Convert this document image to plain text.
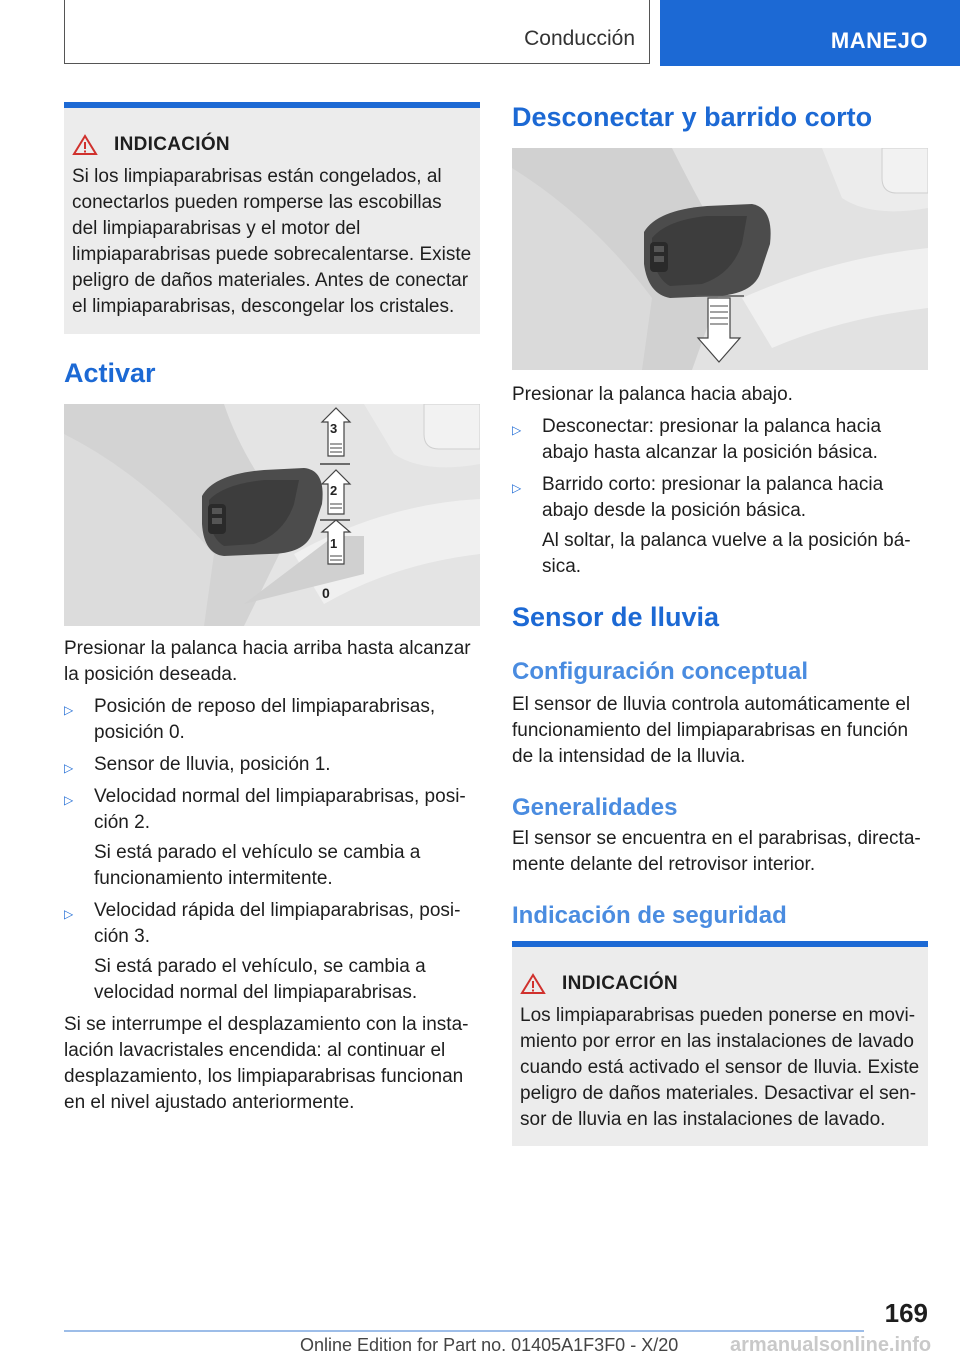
Conducción	MANEJO
INDICACIÓN
Si los limpiaparabrisas están congelados, al conectarlos pueden romperse las escobillas del limpiaparabrisas y el motor del limpiaparabrisas puede sobrecalentarse. Existe peligro de daños materiales. Antes de conectar el limpiaparabrisas, descongelar los cristales.
Activar
3
2
1
0

Presionar la palanca hacia arriba hasta alcanzar la posición deseada.

▷	Posición de reposo del limpiaparabrisas, posición 0.
▷	Sensor de lluvia, posición 1.
▷	Velocidad normal del limpiaparabrisas, posición 2.
Si está parado el vehículo se cambia a funcionamiento intermitente.
▷	Velocidad rápida del limpiaparabrisas, posición 3.
Si está parado el vehículo, se cambia a velocidad normal del limpiaparabrisas.

Si se interrumpe el desplazamiento con la instalación lavacristales encendida: al continuar el desplazamiento, los limpiaparabrisas funcionan en el nivel ajustado anteriormente.

Desconectar y barrido corto

Presionar la palanca hacia abajo.

▷	Desconectar: presionar la palanca hacia abajo hasta alcanzar la posición básica.
▷	Barrido corto: presionar la palanca hacia abajo desde la posición básica.
Al soltar, la palanca vuelve a la posición básica.
Sensor de lluvia
Configuración conceptual

El sensor de lluvia controla automáticamente el funcionamiento del limpiaparabrisas en función de la intensidad de la lluvia.

Generalidades

El sensor se encuentra en el parabrisas, directamente delante del retrovisor interior.

Indicación de seguridad
INDICACIÓN
Los limpiaparabrisas pueden ponerse en movimiento por error en las instalaciones de lavado cuando está activado el sensor de lluvia. Existe peligro de daños materiales. Desactivar el sensor de lluvia en las instalaciones de lavado.
169
Online Edition for Part no. 01405A1F3F0 - X/20	armanualsonline.info
